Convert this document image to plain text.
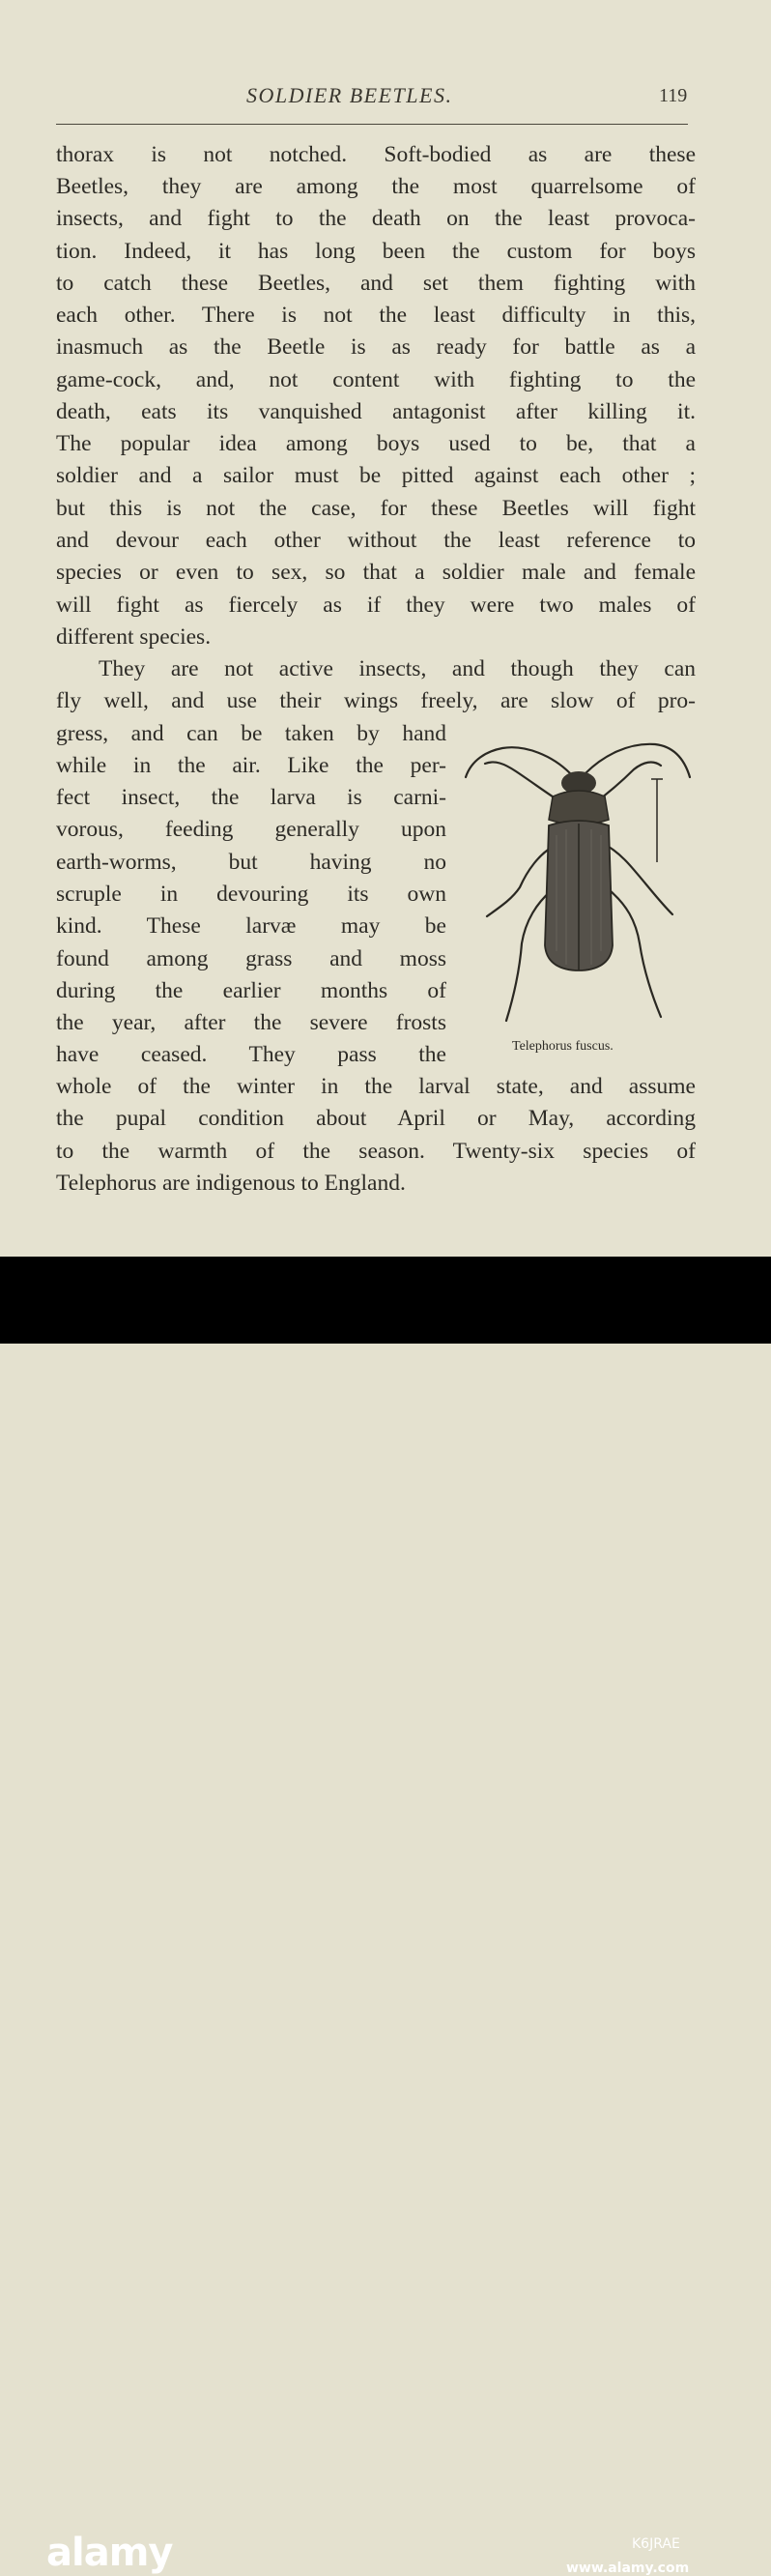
SOLDIER BEETLES.	119
thorax is not notched. Soft-bodied as are these
Beetles, they are among the most quarrelsome of
insects, and fight to the death on the least provoca-
tion. Indeed, it has long been the custom for boys
to catch these Beetles, and set them fighting with
each other. There is not the least difficulty in this,
inasmuch as the Beetle is as ready for battle as a
game-cock, and, not content with fighting to the
death, eats its vanquished antagonist after killing it.
The popular idea among boys used to be, that a
soldier and a sailor must be pitted against each other ;
but this is not the case, for these Beetles will fight
and devour each other without the least reference to
species or even to sex, so that a soldier male and female
will fight as fiercely as if they were two males of
different species.
They are not active insects, and though they can
fly well, and use their wings freely, are slow of pro-
gress, and can be taken by hand
while in the air. Like the per-
fect insect, the larva is carni-
vorous, feeding generally upon
earth-worms, but having no
scruple in devouring its own
kind. These larvæ may be
found among grass and moss
during the earlier months of
the year, after the severe frosts
have ceased. They pass the
whole of the winter in the larval state, and assume
the pupal condition about April or May, according
to the warmth of the season. Twenty-six species of
Telephorus are indigenous to England.
Telephorus fuscus.
alamy	K6JRAE
www.alamy.com
